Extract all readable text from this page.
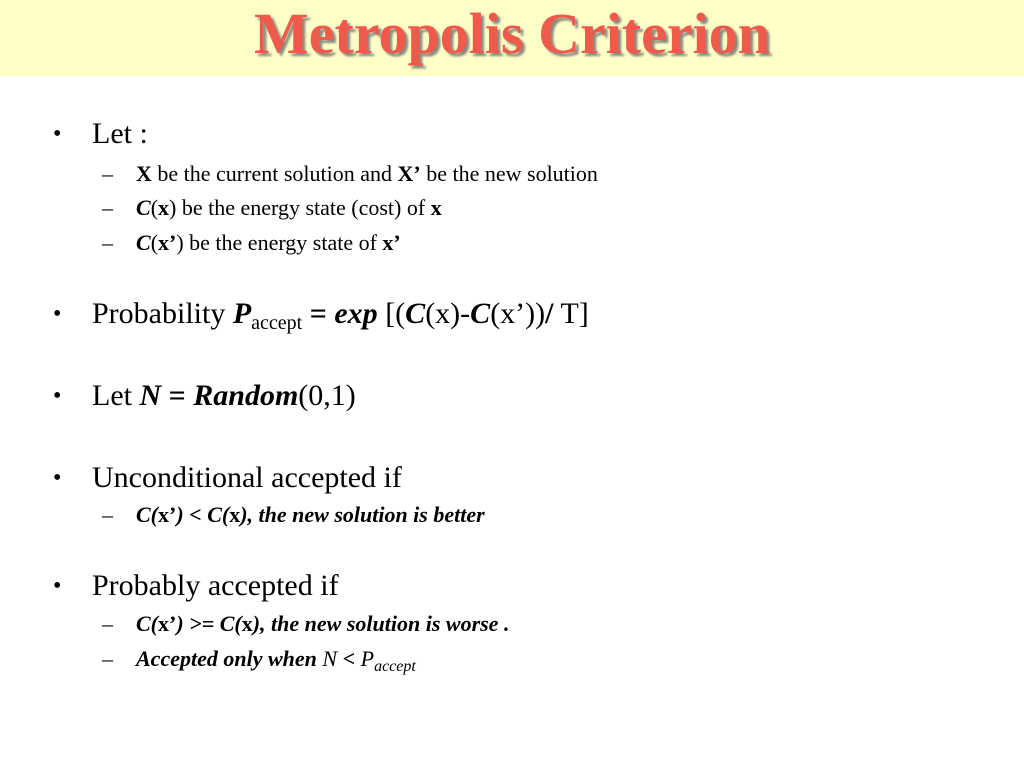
Metropolis Criterion
• Let :
– X be the current solution and X’ be the new solution
– C(x) be the energy state (cost) of x
– C(x’) be the energy state of x’
• Probability $P_{accept} = \exp$ [(C(x)-C(x’))/ T]
• Let N = Random(0,1)
• Unconditional accepted if
– C(x’) < C(x), the new solution is better
• Probably accepted if
– C(x’) >= C(x), the new solution is worse .
– Accepted only when $N < P_{accept}$
